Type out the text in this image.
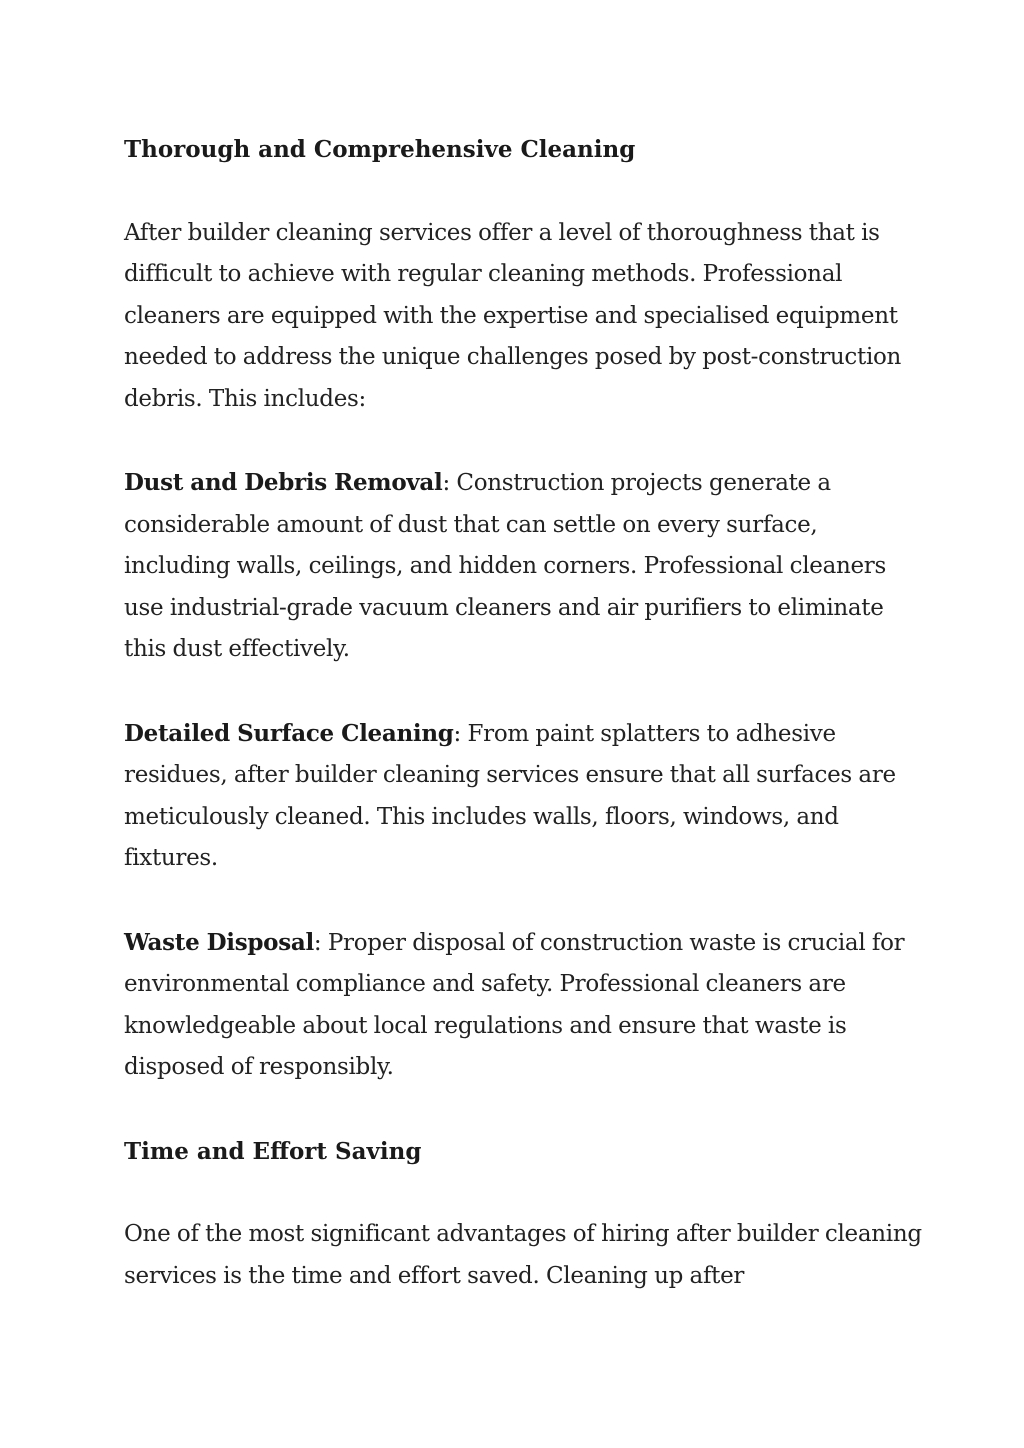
Thorough and Comprehensive Cleaning

After builder cleaning services offer a level of thoroughness that is difficult to achieve with regular cleaning methods. Professional cleaners are equipped with the expertise and specialised equipment needed to address the unique challenges posed by post-construction debris. This includes:

Dust and Debris Removal: Construction projects generate a considerable amount of dust that can settle on every surface, including walls, ceilings, and hidden corners. Professional cleaners use industrial-grade vacuum cleaners and air purifiers to eliminate this dust effectively.

Detailed Surface Cleaning: From paint splatters to adhesive residues, after builder cleaning services ensure that all surfaces are meticulously cleaned. This includes walls, floors, windows, and fixtures.

Waste Disposal: Proper disposal of construction waste is crucial for environmental compliance and safety. Professional cleaners are knowledgeable about local regulations and ensure that waste is disposed of responsibly.

Time and Effort Saving

One of the most significant advantages of hiring after builder cleaning services is the time and effort saved. Cleaning up after
